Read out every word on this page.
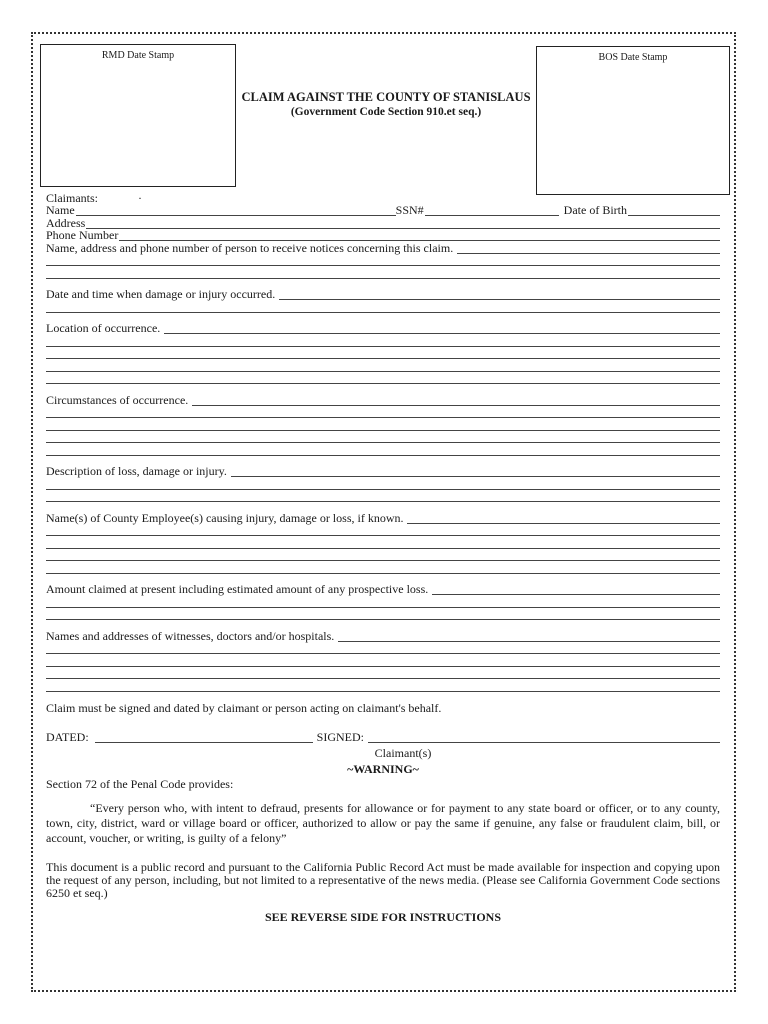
RMD Date Stamp	BOS Date Stamp
CLAIM AGAINST THE COUNTY OF STANISLAUS
(Government Code Section 910.et seq.)
Claimants:	·
Name	SSN#	Date of Birth
Address
Phone Number
Name, address and phone number of person to receive notices concerning this claim.
Date and time when damage or injury occurred.
Location of occurrence.
Circumstances of occurrence.
Description of loss, damage or injury.
Name(s) of County Employee(s) causing injury, damage or loss, if known.
Amount claimed at present including estimated amount of any prospective loss.
Names and addresses of witnesses, doctors and/or hospitals.
Claim must be signed and dated by claimant or person acting on claimant's behalf.
DATED:	SIGNED:
Claimant(s)
~WARNING~
Section 72 of the Penal Code provides:
“Every person who, with intent to defraud, presents for allowance or for payment to any state board or officer, or to any county, town, city, district, ward or village board or officer, authorized to allow or pay the same if genuine, any false or fraudulent claim, bill, or account, voucher, or writing, is guilty of a felony”
This document is a public record and pursuant to the California Public Record Act must be made available for inspection and copying upon the request of any person, including, but not limited to a representative of the news media. (Please see California Government Code sections 6250 et seq.)
SEE REVERSE SIDE FOR INSTRUCTIONS
